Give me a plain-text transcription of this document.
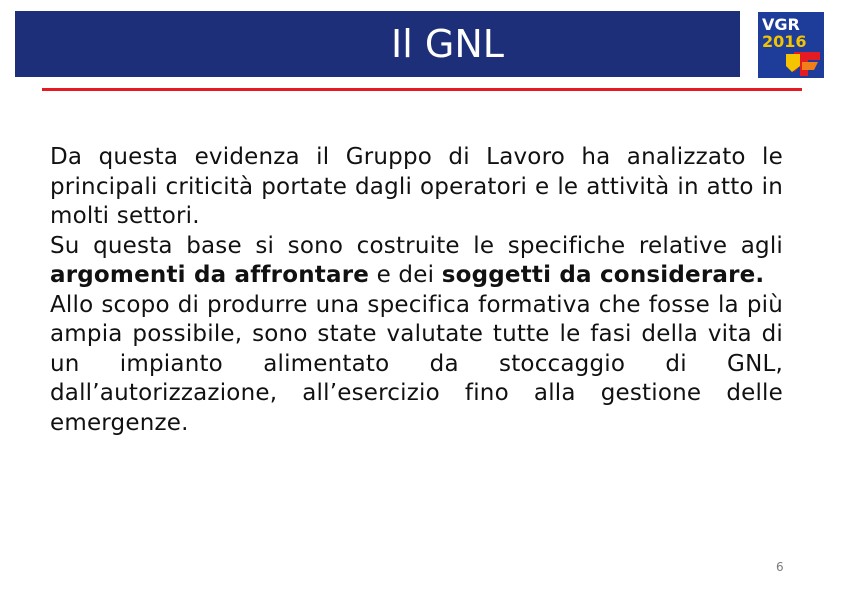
Il GNL	VGR
2016

Da questa evidenza il Gruppo di Lavoro ha analizzato le principali criticità portate dagli operatori e le attività in atto in molti settori.

Su questa base si sono costruite le specifiche relative agli argomenti da affrontare e dei soggetti da considerare.

Allo scopo di produrre una specifica formativa che fosse la più ampia possibile, sono state valutate tutte le fasi della vita di un impianto alimentato da stoccaggio di GNL, dall’autorizzazione, all’esercizio fino alla gestione delle emergenze.

6
